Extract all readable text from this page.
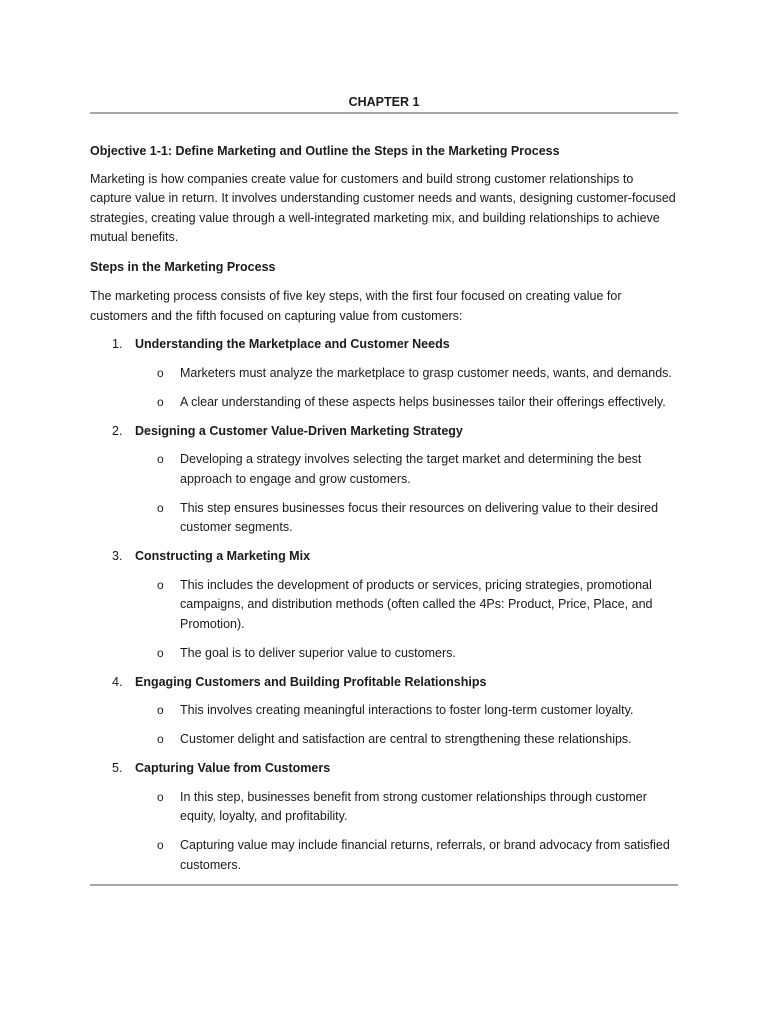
CHAPTER 1

Objective 1-1: Define Marketing and Outline the Steps in the Marketing Process

Marketing is how companies create value for customers and build strong customer relationships to capture value in return. It involves understanding customer needs and wants, designing customer-focused strategies, creating value through a well-integrated marketing mix, and building relationships to achieve mutual benefits.

Steps in the Marketing Process

The marketing process consists of five key steps, with the first four focused on creating value for customers and the fifth focused on capturing value from customers:

1.	Understanding the Marketplace and Customer Needs
o Marketers must analyze the marketplace to grasp customer needs, wants, and demands.
o A clear understanding of these aspects helps businesses tailor their offerings effectively.
2.	Designing a Customer Value-Driven Marketing Strategy
o Developing a strategy involves selecting the target market and determining the best approach to engage and grow customers.
o This step ensures businesses focus their resources on delivering value to their desired customer segments.
3.	Constructing a Marketing Mix
o This includes the development of products or services, pricing strategies, promotional campaigns, and distribution methods (often called the 4Ps: Product, Price, Place, and Promotion).
o The goal is to deliver superior value to customers.
4.	Engaging Customers and Building Profitable Relationships
o This involves creating meaningful interactions to foster long-term customer loyalty.
o Customer delight and satisfaction are central to strengthening these relationships.
5.	Capturing Value from Customers
o In this step, businesses benefit from strong customer relationships through customer equity, loyalty, and profitability.
o Capturing value may include financial returns, referrals, or brand advocacy from satisfied customers.
